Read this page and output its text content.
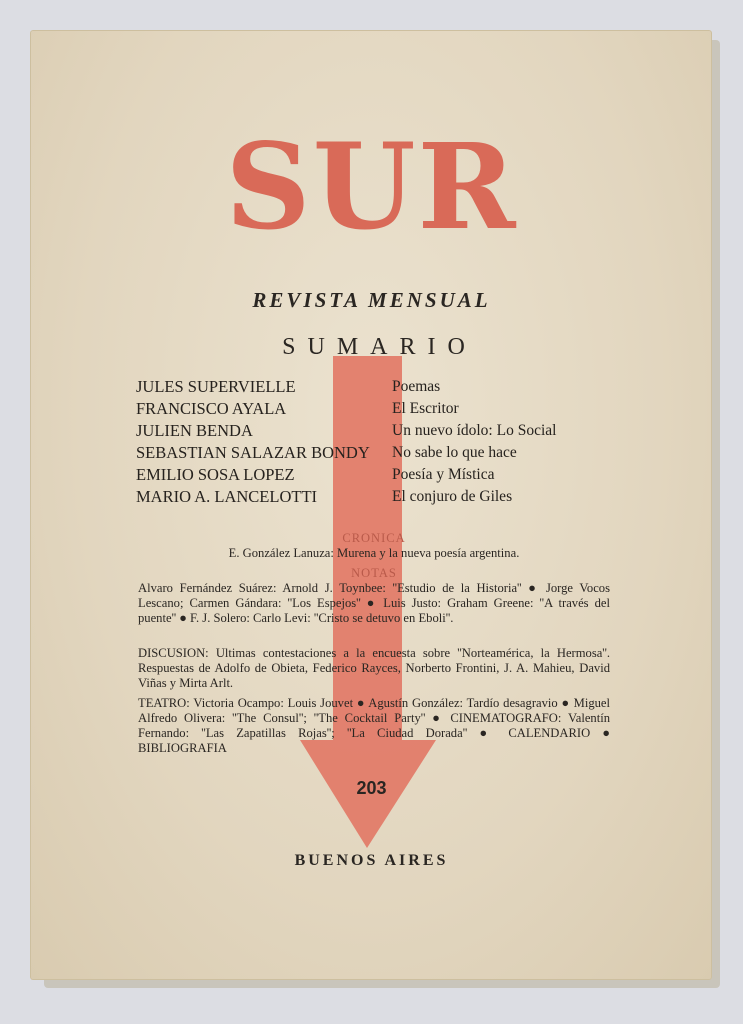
SUR
REVISTA MENSUAL
SUMARIO
JULES SUPERVIELLE	Poemas
FRANCISCO AYALA	El Escritor
JULIEN BENDA	Un nuevo ídolo: Lo Social
SEBASTIAN SALAZAR BONDY	No sabe lo que hace
EMILIO SOSA LOPEZ	Poesía y Mística
MARIO A. LANCELOTTI	El conjuro de Giles
CRONICA
E. González Lanuza: Murena y la nueva poesía argentina.
NOTAS
Alvaro Fernández Suárez: Arnold J. Toynbee: ''Estudio de la Historia'' ● Jorge Vocos Lescano; Carmen Gándara: ''Los Espejos'' ● Luis Justo: Graham Greene: ''A través del puente'' ● F. J. Solero: Carlo Levi: ''Cristo se detuvo en Eboli''.
DISCUSION: Ultimas contestaciones a la encuesta sobre ''Norteamérica, la Hermosa''. Respuestas de Adolfo de Obieta, Federico Rayces, Norberto Frontini, J. A. Mahieu, David Viñas y Mirta Arlt.
TEATRO: Victoria Ocampo: Louis Jouvet ● Agustín González: Tardío desagravio ● Miguel Alfredo Olivera: ''The Consul''; ''The Cocktail Party'' ● CINEMATOGRAFO: Valentín Fernando: ''Las Zapatillas Rojas''; ''La Ciudad Dorada'' ● CALENDARIO ● BIBLIOGRAFIA
203
BUENOS AIRES
